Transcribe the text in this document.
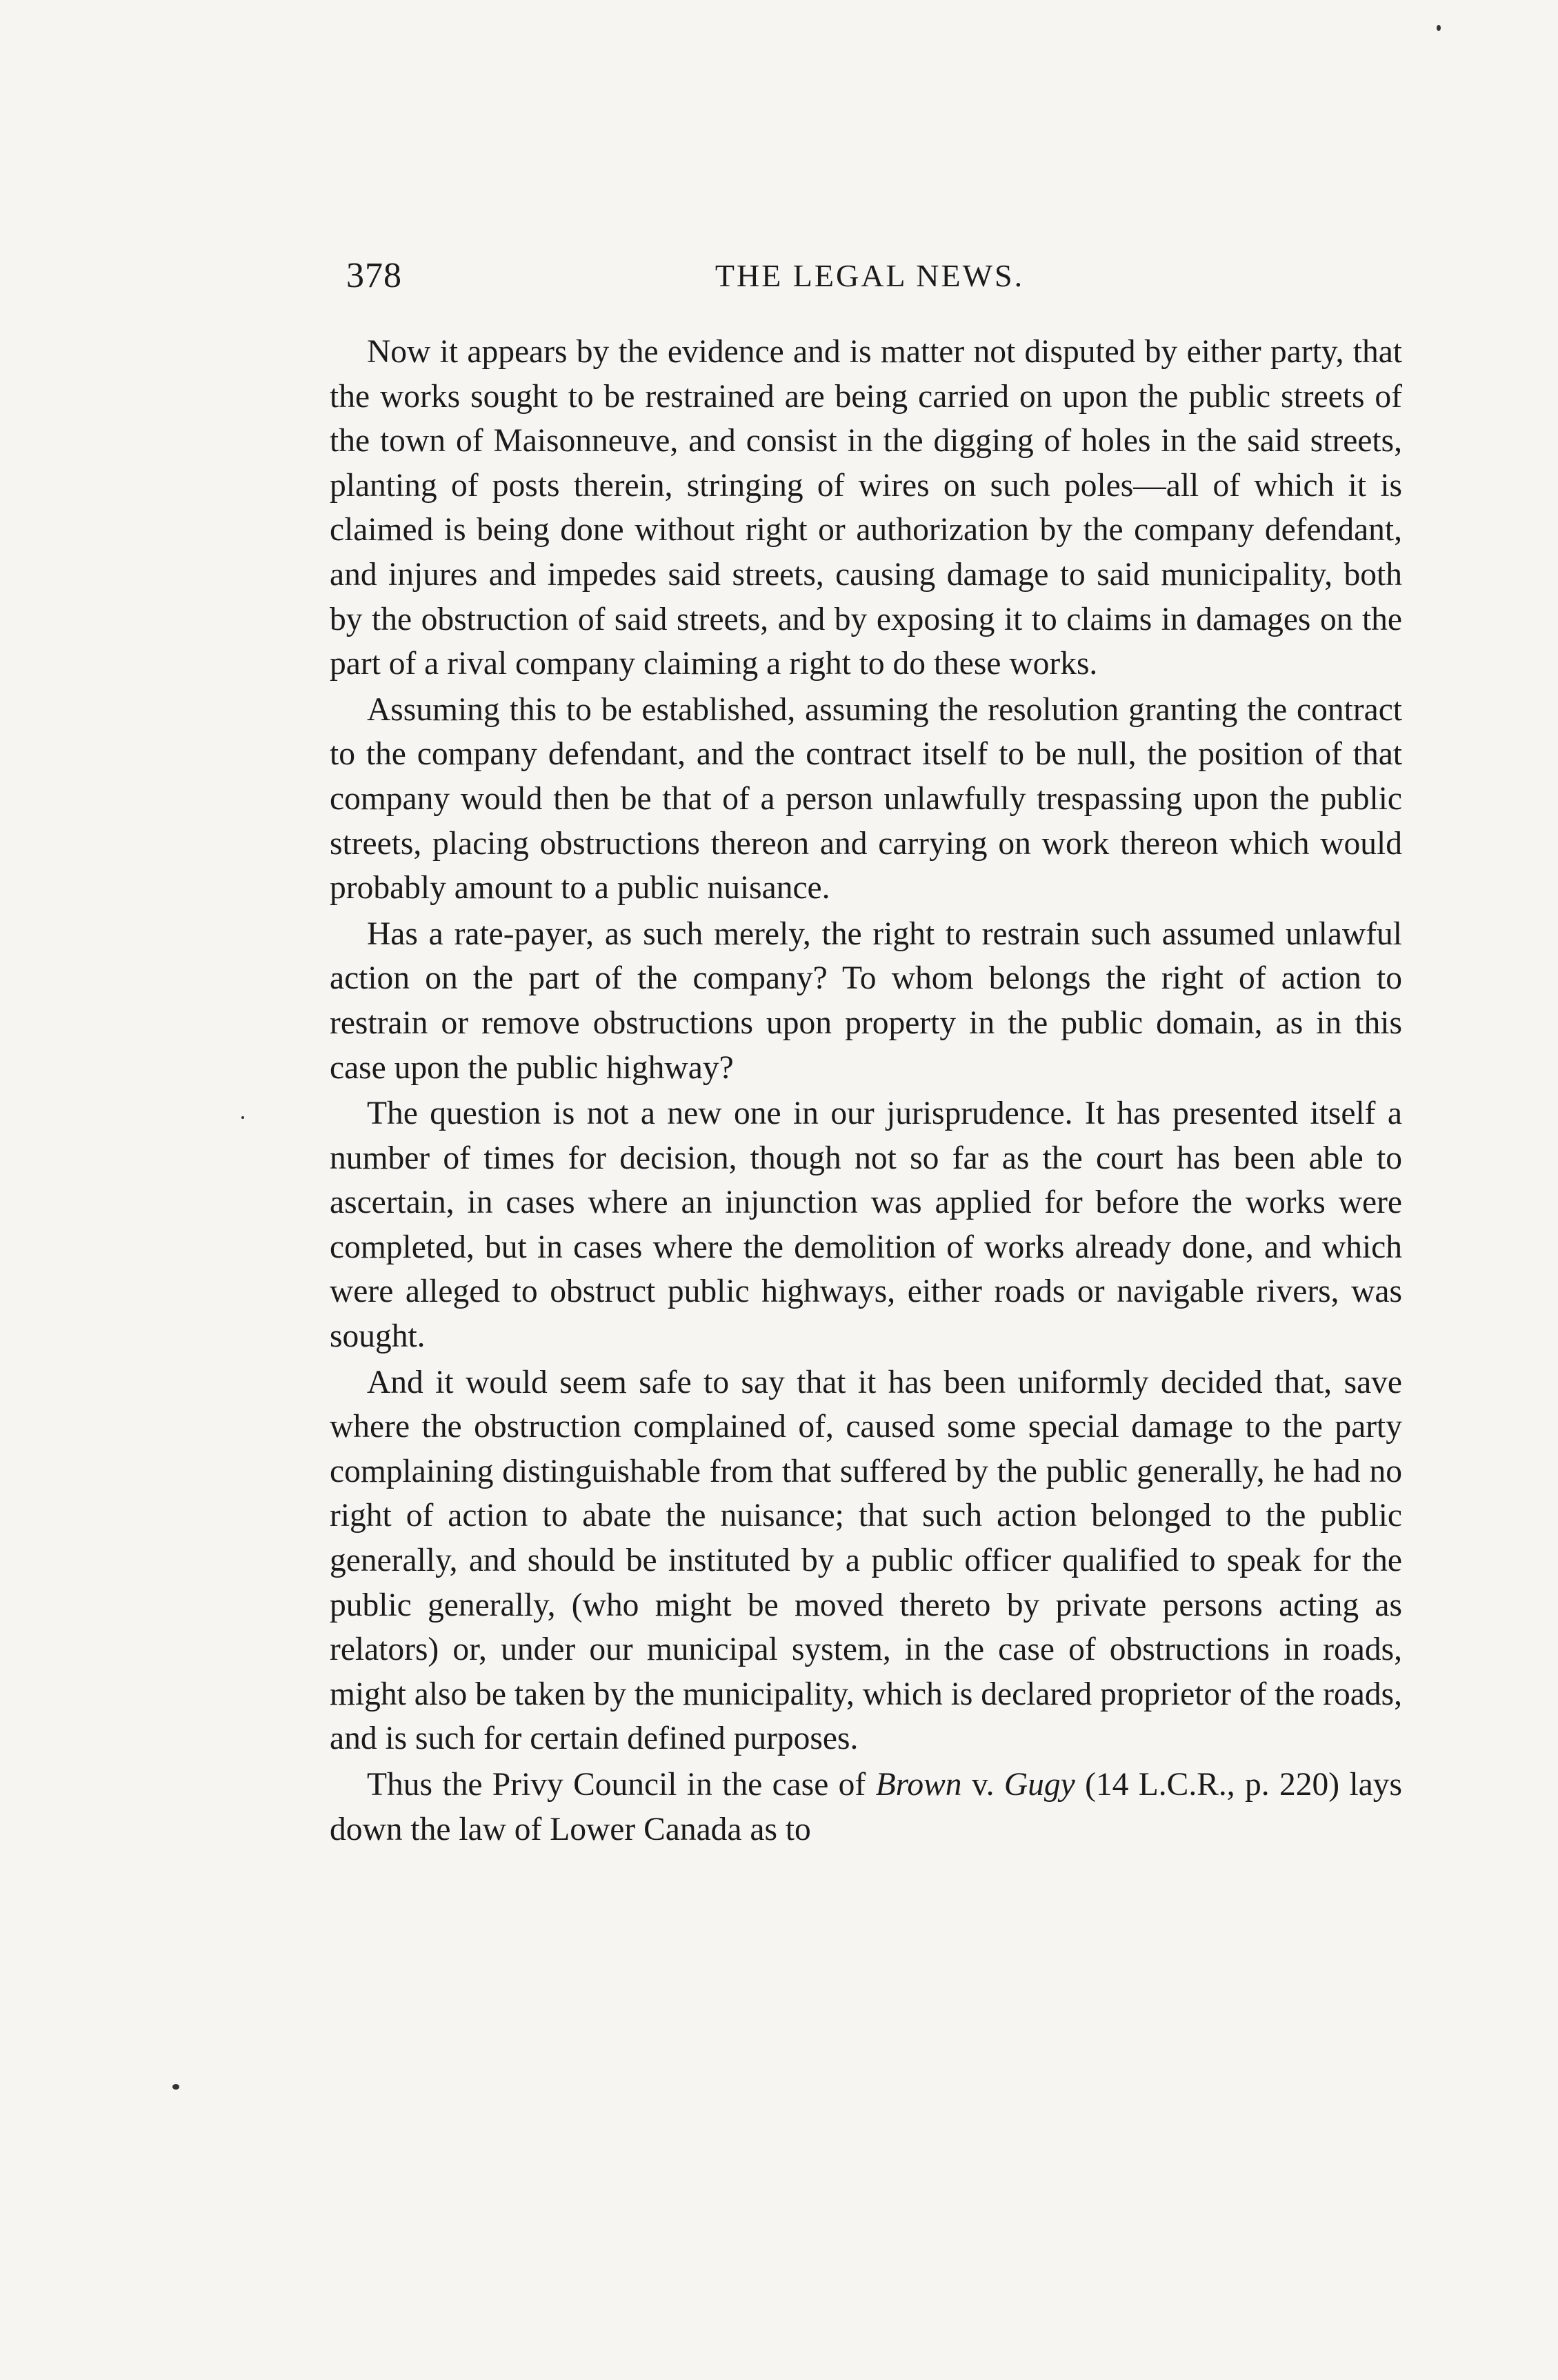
378	THE LEGAL NEWS.

Now it appears by the evidence and is matter not disputed by either party, that the works sought to be restrained are being carried on upon the public streets of the town of Maisonneuve, and consist in the digging of holes in the said streets, planting of posts therein, stringing of wires on such poles—all of which it is claimed is being done without right or authorization by the company defendant, and injures and impedes said streets, causing damage to said municipality, both by the obstruction of said streets, and by exposing it to claims in damages on the part of a rival company claiming a right to do these works.

Assuming this to be established, assuming the resolution granting the contract to the company defendant, and the contract itself to be null, the position of that company would then be that of a person unlawfully trespassing upon the public streets, placing obstructions thereon and carrying on work thereon which would probably amount to a public nuisance.

Has a rate-payer, as such merely, the right to restrain such assumed unlawful action on the part of the company? To whom belongs the right of action to restrain or remove obstructions upon property in the public domain, as in this case upon the public highway?

The question is not a new one in our jurisprudence. It has presented itself a number of times for decision, though not so far as the court has been able to ascertain, in cases where an injunction was applied for before the works were completed, but in cases where the demolition of works already done, and which were alleged to obstruct public highways, either roads or navigable rivers, was sought.

And it would seem safe to say that it has been uniformly decided that, save where the obstruction complained of, caused some special damage to the party complaining distinguishable from that suffered by the public generally, he had no right of action to abate the nuisance; that such action belonged to the public generally, and should be instituted by a public officer qualified to speak for the public generally, (who might be moved thereto by private persons acting as relators) or, under our municipal system, in the case of obstructions in roads, might also be taken by the municipality, which is declared proprietor of the roads, and is such for certain defined purposes.

Thus the Privy Council in the case of Brown v. Gugy (14 L.C.R., p. 220) lays down the law of Lower Canada as to
